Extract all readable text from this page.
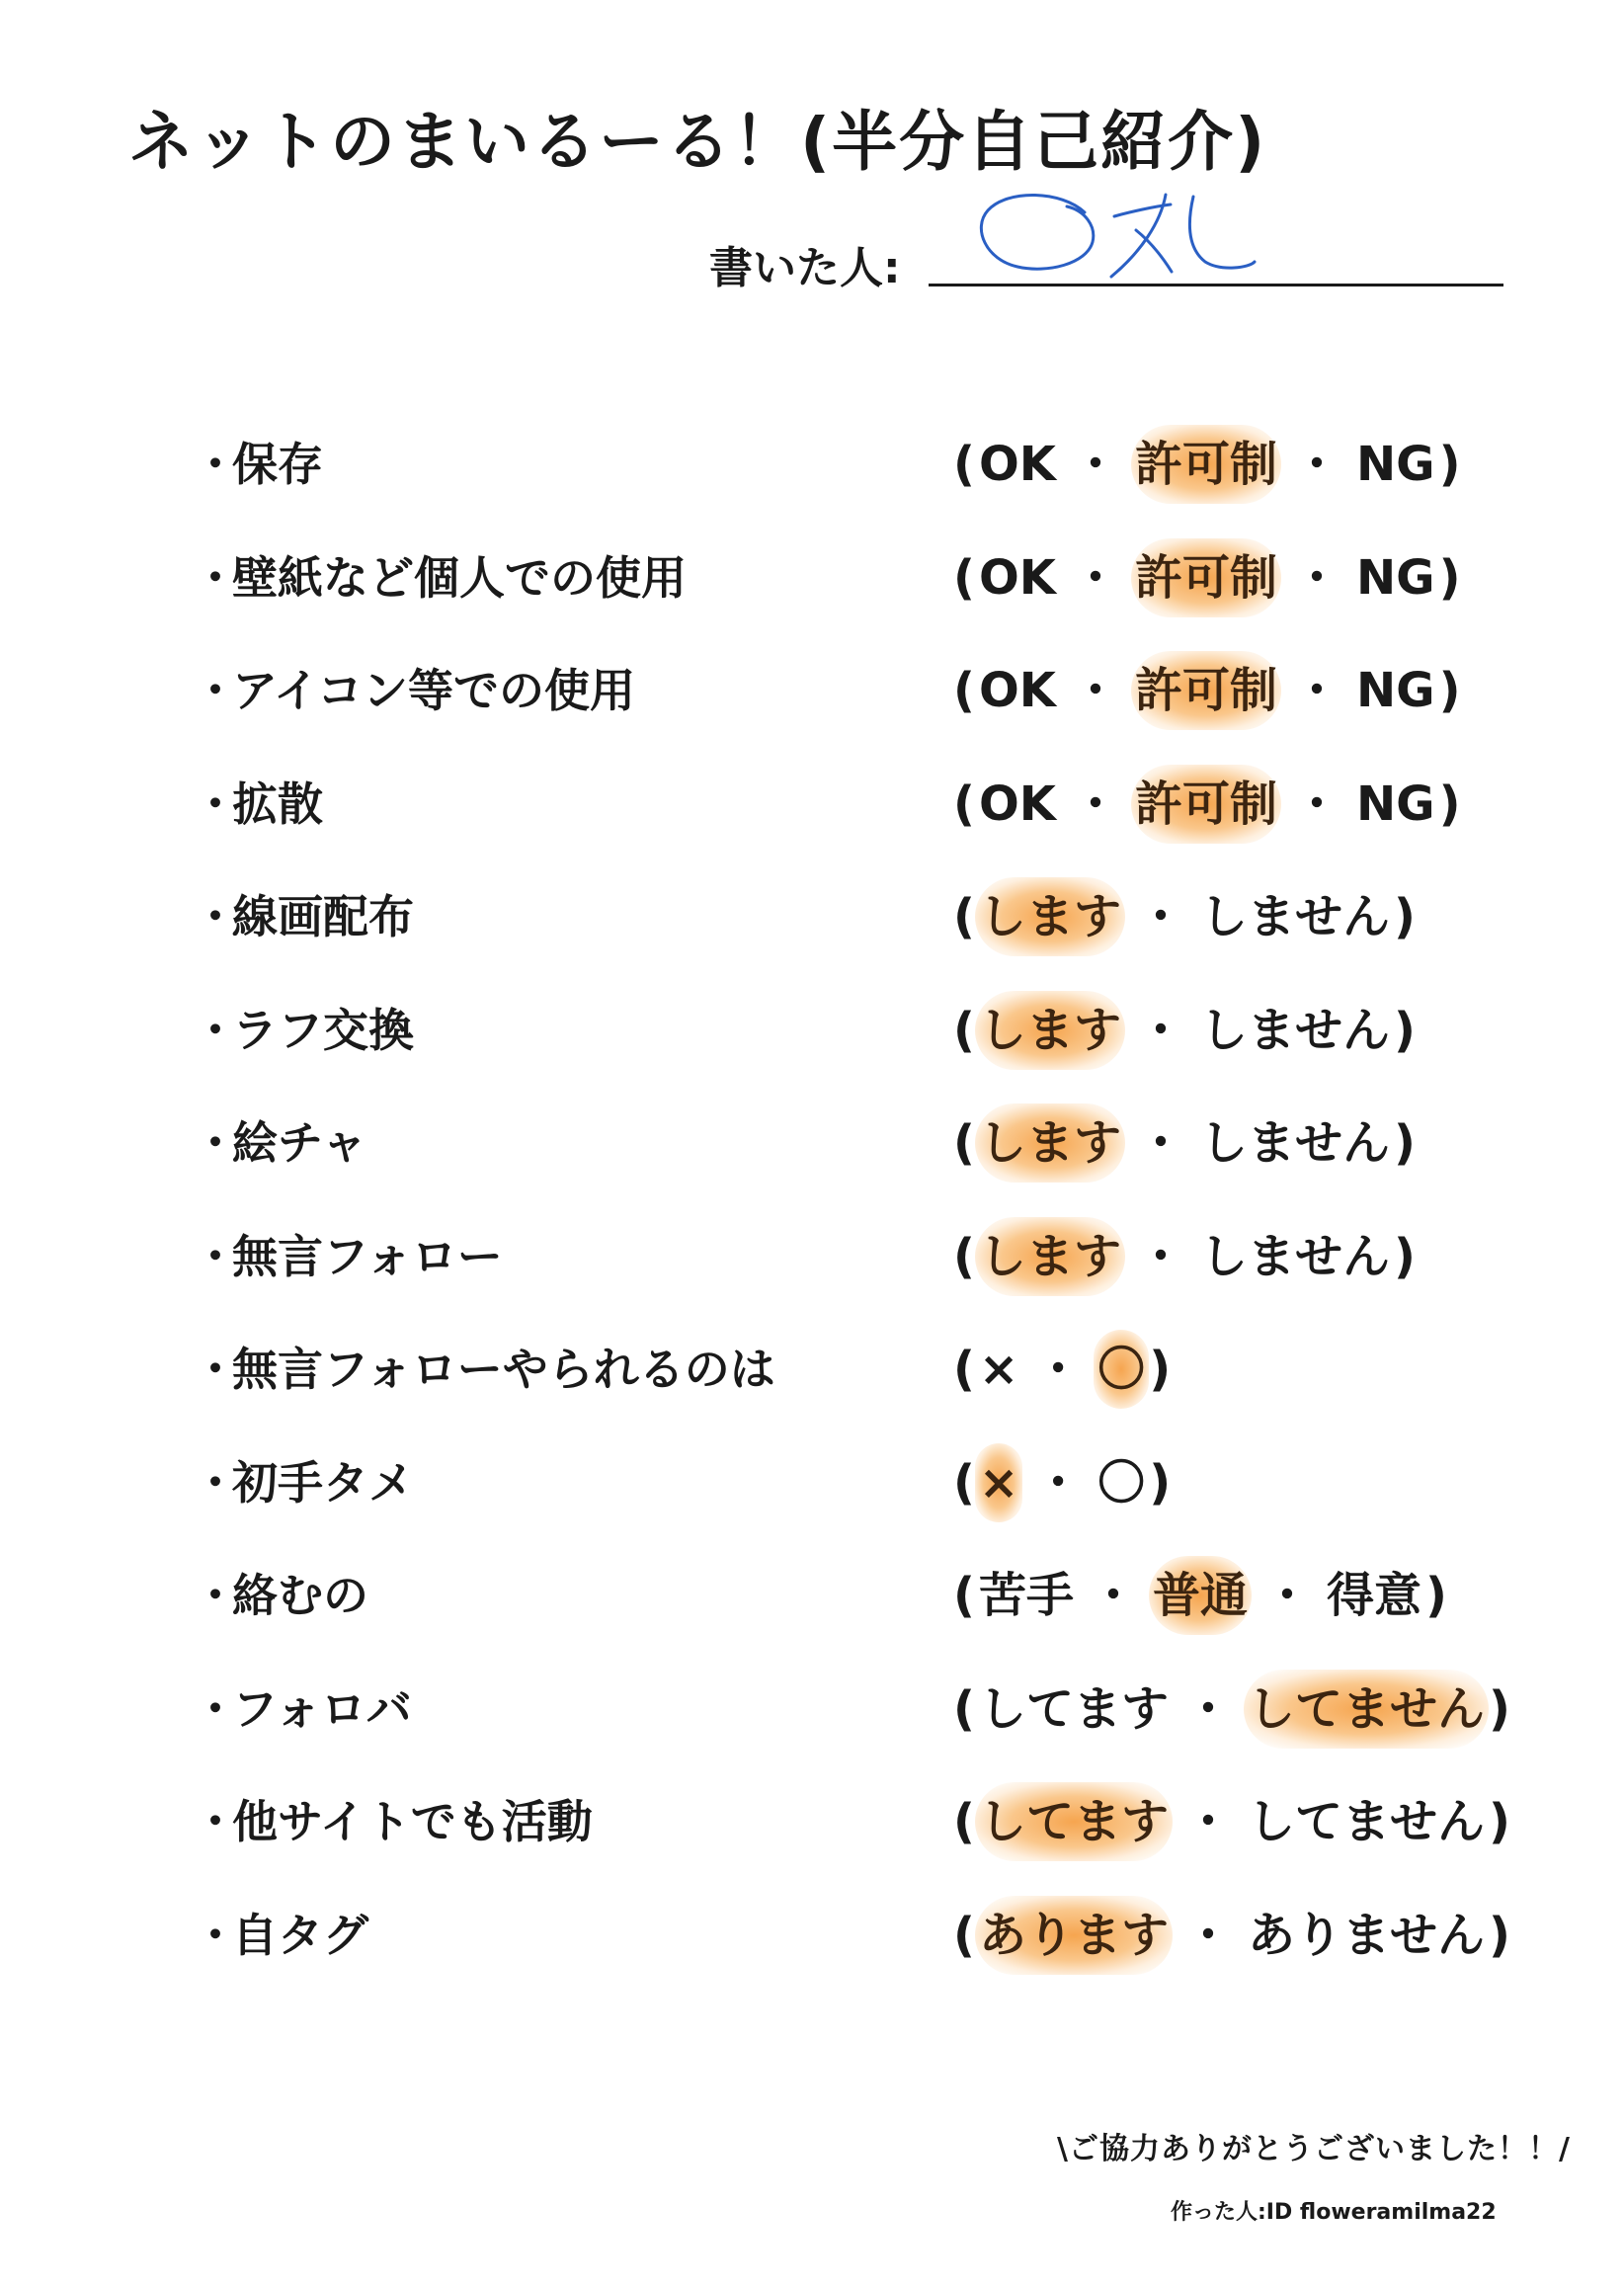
ネットのまいるーる！(半分自己紹介)
書いた人:
・保存	(OK ・ 許可制 ・ NG)
・壁紙など個人での使用	(OK ・ 許可制 ・ NG)
・アイコン等での使用	(OK ・ 許可制 ・ NG)
・拡散	(OK ・ 許可制 ・ NG)
・線画配布	(します ・ しません)
・ラフ交換	(します ・ しません)
・絵チャ	(します ・ しません)
・無言フォロー	(します ・ しません)
・無言フォローやられるのは	(× ・ 〇)
・初手タメ	(× ・ 〇)
・絡むの	(苦手 ・ 普通 ・ 得意)
・フォロバ	(してます ・ してません)
・他サイトでも活動	(してます ・ してません)
・自タグ	(あります ・ ありません)
\ご協力ありがとうございました！！/
作った人:ID floweramilma22
